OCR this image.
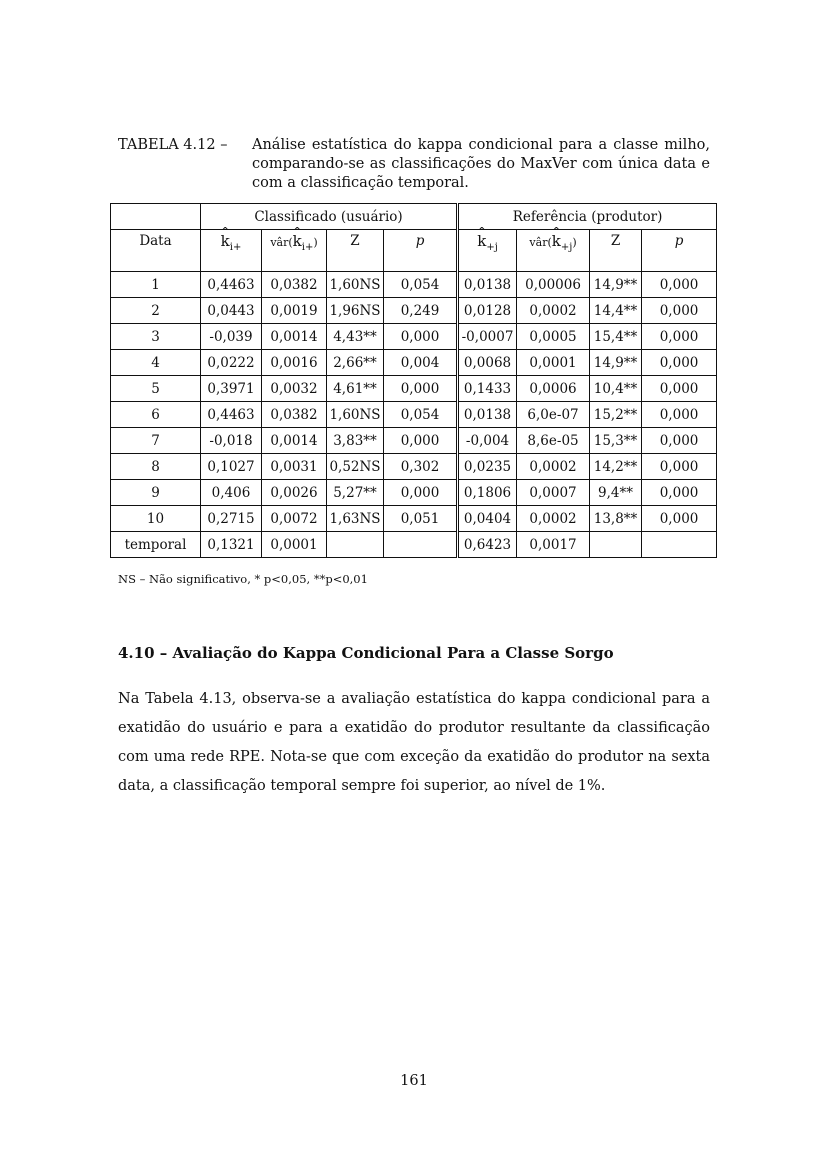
TABELA 4.12 – Análise estatística do kappa condicional para a classe milho, comparando-se as classificações do MaxVer com única data e com a classificação temporal.
	Classificado (usuário)				Referência (produtor)			
Data	^ $k_{i+}$	vâr(^ $k_{i+}$)	Z	p	^ $k_{+j}$	vâr(^ $k_{+j}$)	Z	p
1	0,4463	0,0382	1,60NS	0,054	0,0138	0,00006	14,9**	0,000
2	0,0443	0,0019	1,96NS	0,249	0,0128	0,0002	14,4**	0,000
3	-0,039	0,0014	4,43**	0,000	-0,0007	0,0005	15,4**	0,000
4	0,0222	0,0016	2,66**	0,004	0,0068	0,0001	14,9**	0,000
5	0,3971	0,0032	4,61**	0,000	0,1433	0,0006	10,4**	0,000
6	0,4463	0,0382	1,60NS	0,054	0,0138	6,0e-07	15,2**	0,000
7	-0,018	0,0014	3,83**	0,000	-0,004	8,6e-05	15,3**	0,000
8	0,1027	0,0031	0,52NS	0,302	0,0235	0,0002	14,2**	0,000
9	0,406	0,0026	5,27**	0,000	0,1806	0,0007	9,4**	0,000
10	0,2715	0,0072	1,63NS	0,051	0,0404	0,0002	13,8**	0,000
temporal	0,1321	0,0001			0,6423	0,0017		
NS – Não significativo, * p<0,05, **p<0,01
4.10 – Avaliação do Kappa Condicional Para a Classe Sorgo
Na Tabela 4.13, observa-se a avaliação estatística do kappa condicional para a exatidão do usuário e para a exatidão do produtor resultante da classificação com uma rede RPE. Nota-se que com exceção da exatidão do produtor na sexta data, a classificação temporal sempre foi superior, ao nível de 1%.
161
